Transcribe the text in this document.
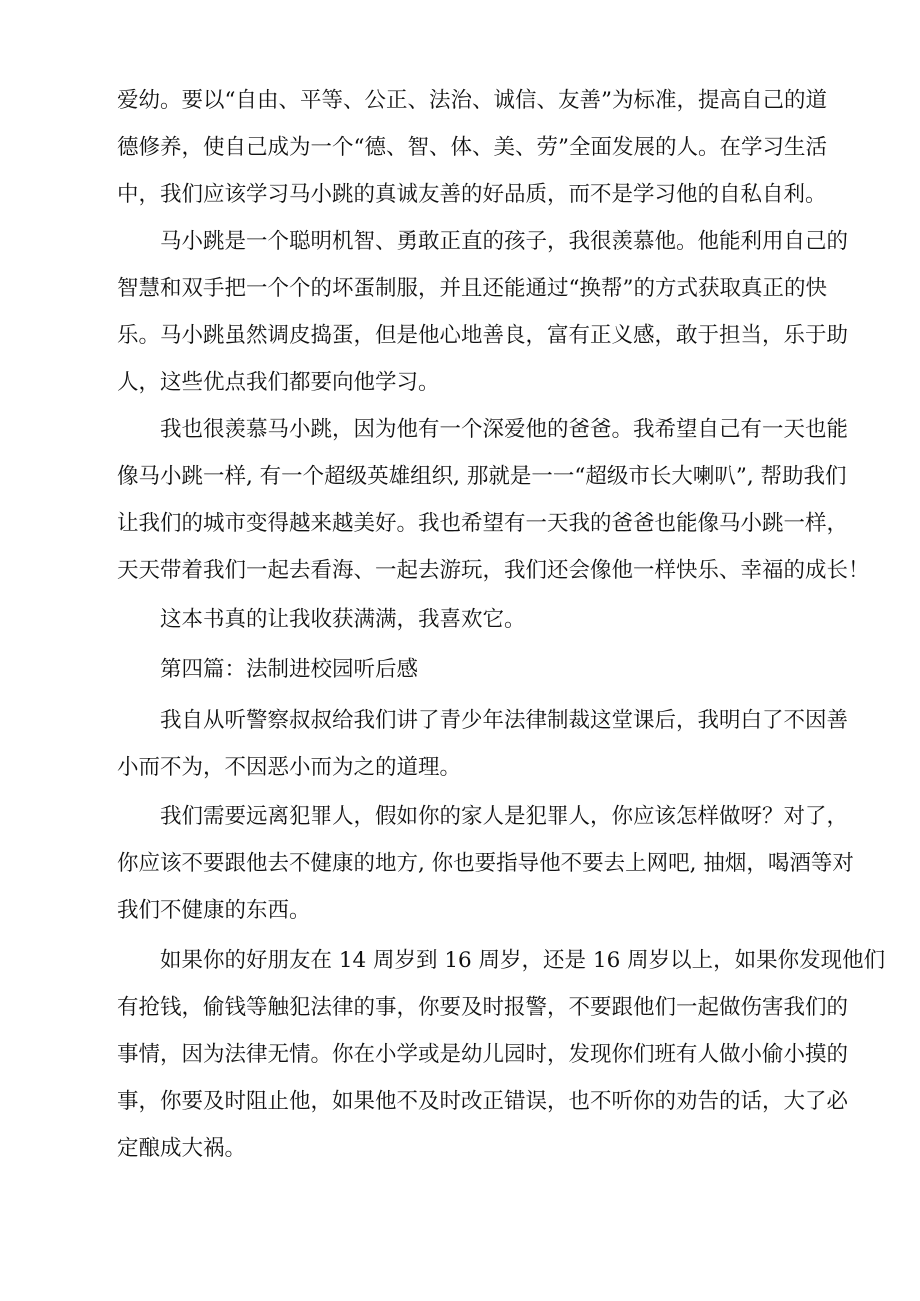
爱幼。要以“自由、平等、公正、法治、诚信、友善”为标准，提高自己的道
德修养，使自己成为一个“德、智、体、美、劳”全面发展的人。在学习生活
中，我们应该学习马小跳的真诚友善的好品质，而不是学习他的自私自利。
马小跳是一个聪明机智、勇敢正直的孩子，我很羡慕他。他能利用自己的
智慧和双手把一个个的坏蛋制服，并且还能通过“换帮”的方式获取真正的快
乐。马小跳虽然调皮捣蛋，但是他心地善良，富有正义感，敢于担当，乐于助
人，这些优点我们都要向他学习。
我也很羡慕马小跳，因为他有一个深爱他的爸爸。我希望自己有一天也能
像马小跳一样, 有一个超级英雄组织, 那就是一一“超级市长大喇叭”, 帮助我们
让我们的城市变得越来越美好。我也希望有一天我的爸爸也能像马小跳一样，
天天带着我们一起去看海、一起去游玩，我们还会像他一样快乐、幸福的成长！
这本书真的让我收获满满，我喜欢它。
第四篇：法制进校园听后感
我自从听警察叔叔给我们讲了青少年法律制裁这堂课后，我明白了不因善
小而不为，不因恶小而为之的道理。
我们需要远离犯罪人，假如你的家人是犯罪人，你应该怎样做呀？对了，
你应该不要跟他去不健康的地方, 你也要指导他不要去上网吧, 抽烟，喝酒等对
我们不健康的东西。
如果你的好朋友在 14 周岁到 16 周岁，还是 16 周岁以上，如果你发现他们
有抢钱，偷钱等触犯法律的事，你要及时报警，不要跟他们一起做伤害我们的
事情，因为法律无情。你在小学或是幼儿园时，发现你们班有人做小偷小摸的
事，你要及时阻止他，如果他不及时改正错误，也不听你的劝告的话，大了必
定酿成大祸。
